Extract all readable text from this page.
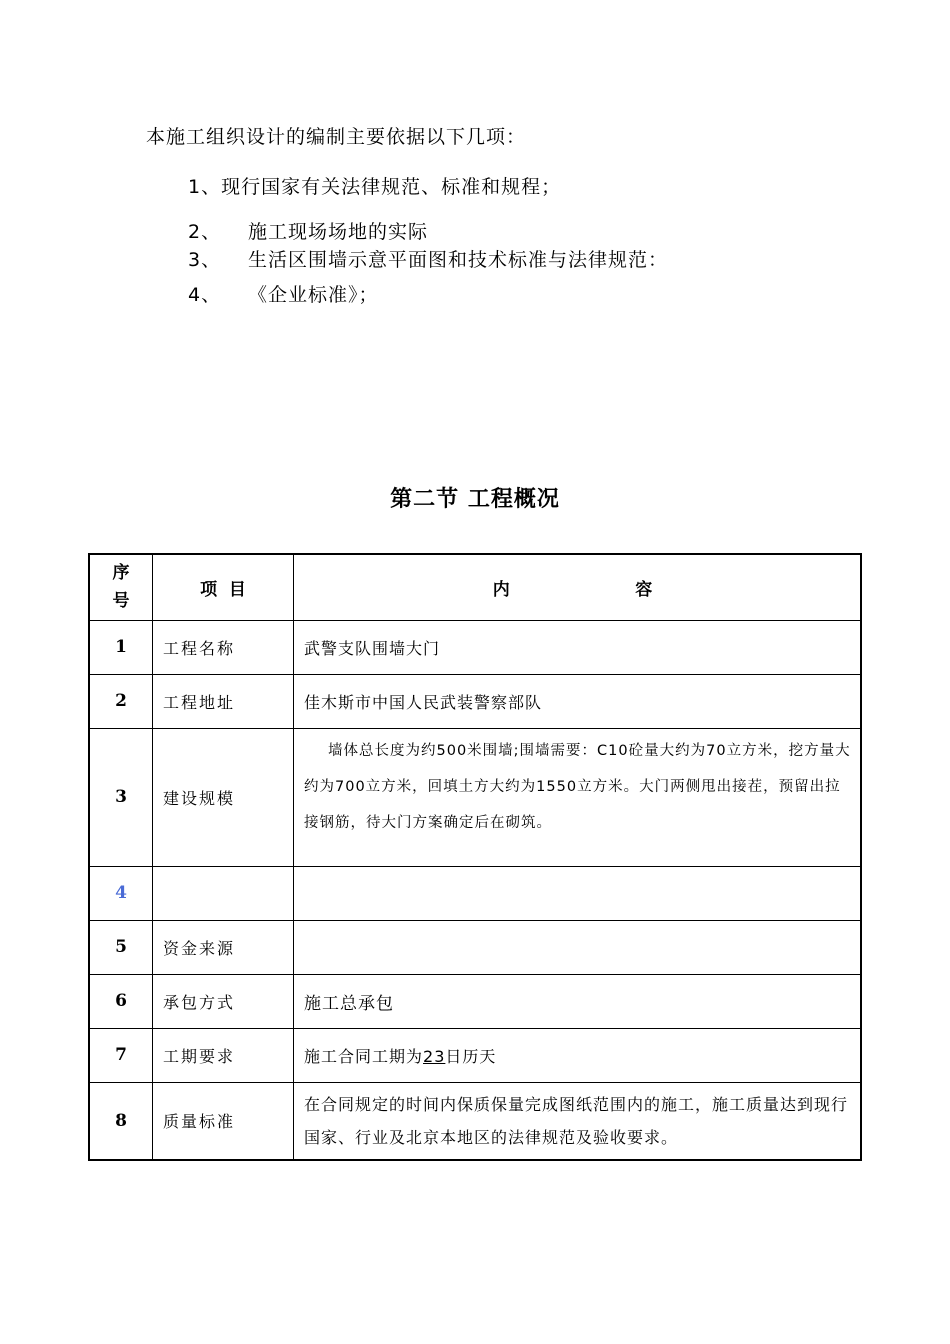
本施工组织设计的编制主要依据以下几项：
1、现行国家有关法律规范、标准和规程；
2、 施工现场场地的实际
3、 生活区围墙示意平面图和技术标准与法律规范：
4、 《企业标准》；
第二节 工程概况
序号	项  目	内                  容
1	工程名称	武警支队围墙大门
2	工程地址	佳木斯市中国人民武装警察部队
3	建设规模	墙体总长度为约500米围墙;围墙需要：C10砼量大约为70立方米，挖方量大约为700立方米，回填土方大约为1550立方米。大门两侧甩出接茬，预留出拉接钢筋，待大门方案确定后在砌筑。

4		
5	资金来源	
6	承包方式	施工总承包
7	工期要求	施工合同工期为23日历天
8	质量标准	在合同规定的时间内保质保量完成图纸范围内的施工，施工质量达到现行国家、行业及北京本地区的法律规范及验收要求。
